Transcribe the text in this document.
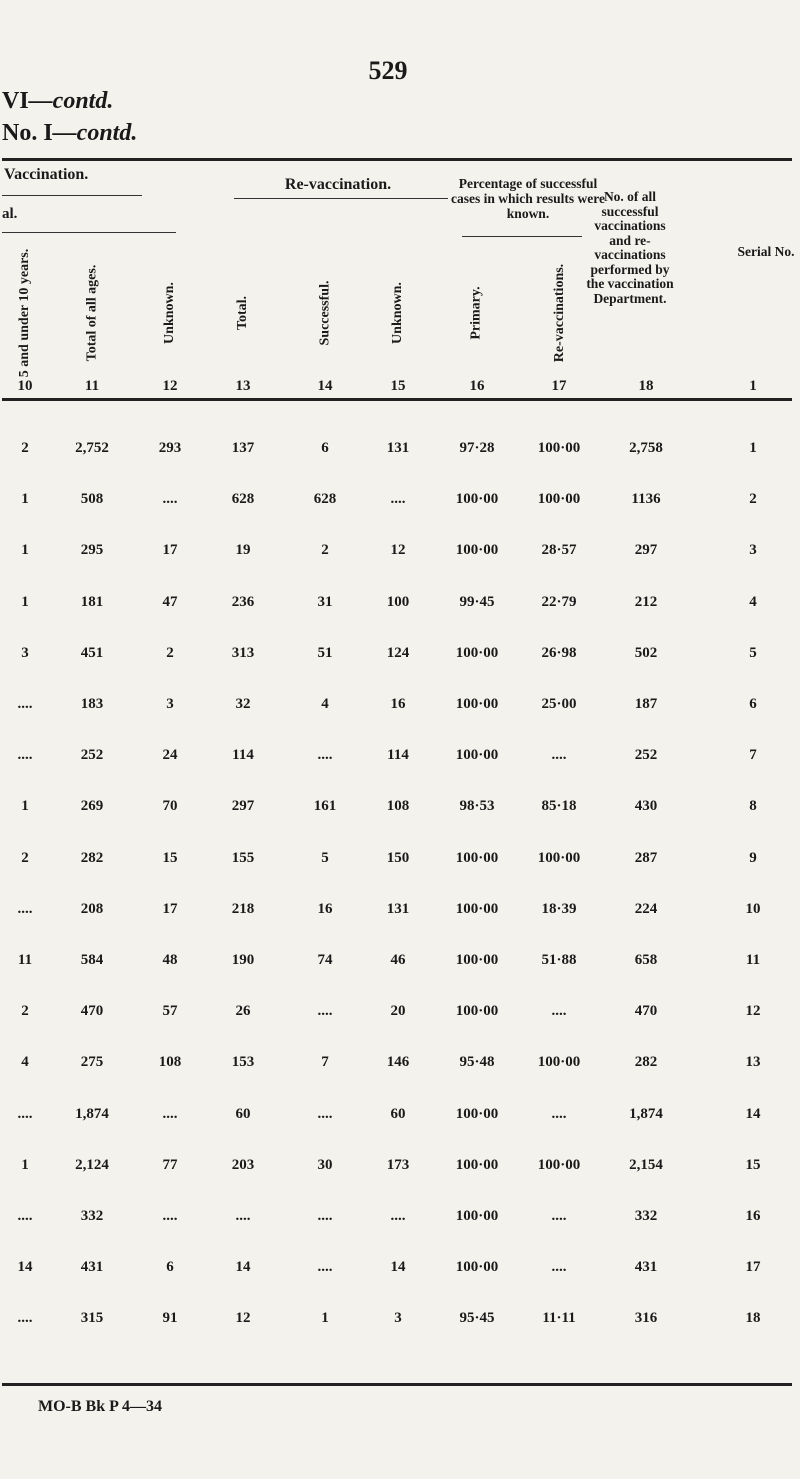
529
VI—contd.
No. I—contd.
Vaccination.
al.
Re-vaccination.	Percentage of successful cases in which results were known.
No. of all successful vaccinations and re-vaccinations performed by the vaccination Department.
Serial No.
5 and under 10 years.	Total of all ages.	Unknown.	Total.	Successful.	Unknown.	Primary.	Re-vaccinations.
10	11	12	13	14	15	16	17	18	1
2	2,752	293	137	6	131	97·28	100·00	2,758	1
1	508	....	628	628	....	100·00	100·00	1136	2
1	295	17	19	2	12	100·00	28·57	297	3
1	181	47	236	31	100	99·45	22·79	212	4
3	451	2	313	51	124	100·00	26·98	502	5
....	183	3	32	4	16	100·00	25·00	187	6
....	252	24	114	....	114	100·00	....	252	7
1	269	70	297	161	108	98·53	85·18	430	8
2	282	15	155	5	150	100·00	100·00	287	9
....	208	17	218	16	131	100·00	18·39	224	10
11	584	48	190	74	46	100·00	51·88	658	11
2	470	57	26	....	20	100·00	....	470	12
4	275	108	153	7	146	95·48	100·00	282	13
....	1,874	....	60	....	60	100·00	....	1,874	14
1	2,124	77	203	30	173	100·00	100·00	2,154	15
....	332	....	....	....	....	100·00	....	332	16
14	431	6	14	....	14	100·00	....	431	17
....	315	91	12	1	3	95·45	11·11	316	18
MO-B Bk P 4—34
